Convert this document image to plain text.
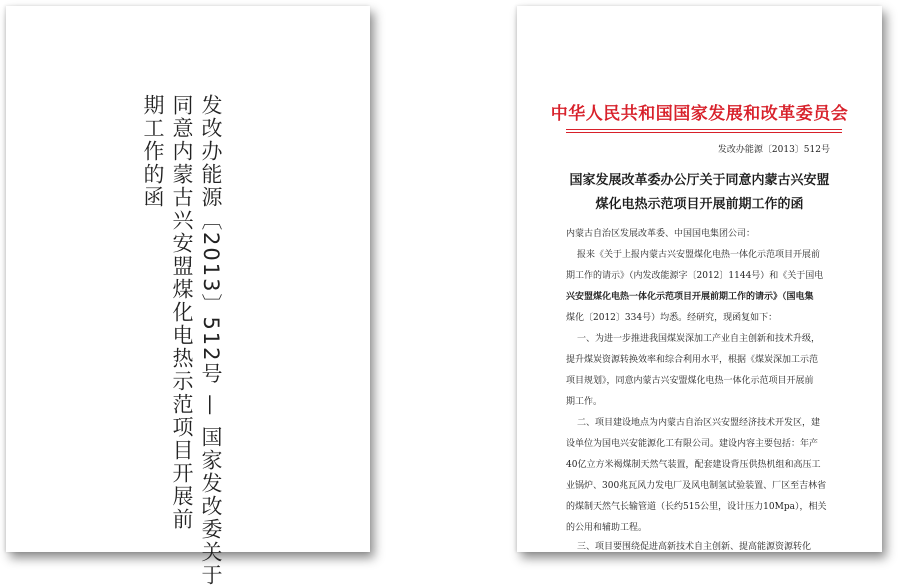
发改办能源〔2013〕512号 — 国家发改委关于
同意内蒙古兴安盟煤化电热示范项目开展前
期工作的函	中华人民共和国国家发展和改革委员会
发改办能源〔2013〕512号
国家发展改革委办公厅关于同意内蒙古兴安盟
煤化电热示范项目开展前期工作的函
内蒙古自治区发展改革委、中国国电集团公司：
报来《关于上报内蒙古兴安盟煤化电热一体化示范项目开展前
期工作的请示》（内发改能源字〔2012〕1144号）和《关于国电
兴安盟煤化电热一体化示范项目开展前期工作的请示》（国电集
煤化〔2012〕334号）均悉。经研究，现函复如下：
一、为进一步推进我国煤炭深加工产业自主创新和技术升级，
提升煤炭资源转换效率和综合利用水平，根据《煤炭深加工示范
项目规划》，同意内蒙古兴安盟煤化电热一体化示范项目开展前
期工作。
二、项目建设地点为内蒙古自治区兴安盟经济技术开发区，建
设单位为国电兴安能源化工有限公司。建设内容主要包括：年产
40亿立方米褐煤制天然气装置，配套建设背压供热机组和高压工
业锅炉、300兆瓦风力发电厂及风电制氢试验装置、厂区至吉林省
的煤制天然气长输管道（长约515公里，设计压力10Mpa），相关
的公用和辅助工程。
三、项目要围绕促进高新技术自主创新、提高能源资源转化
